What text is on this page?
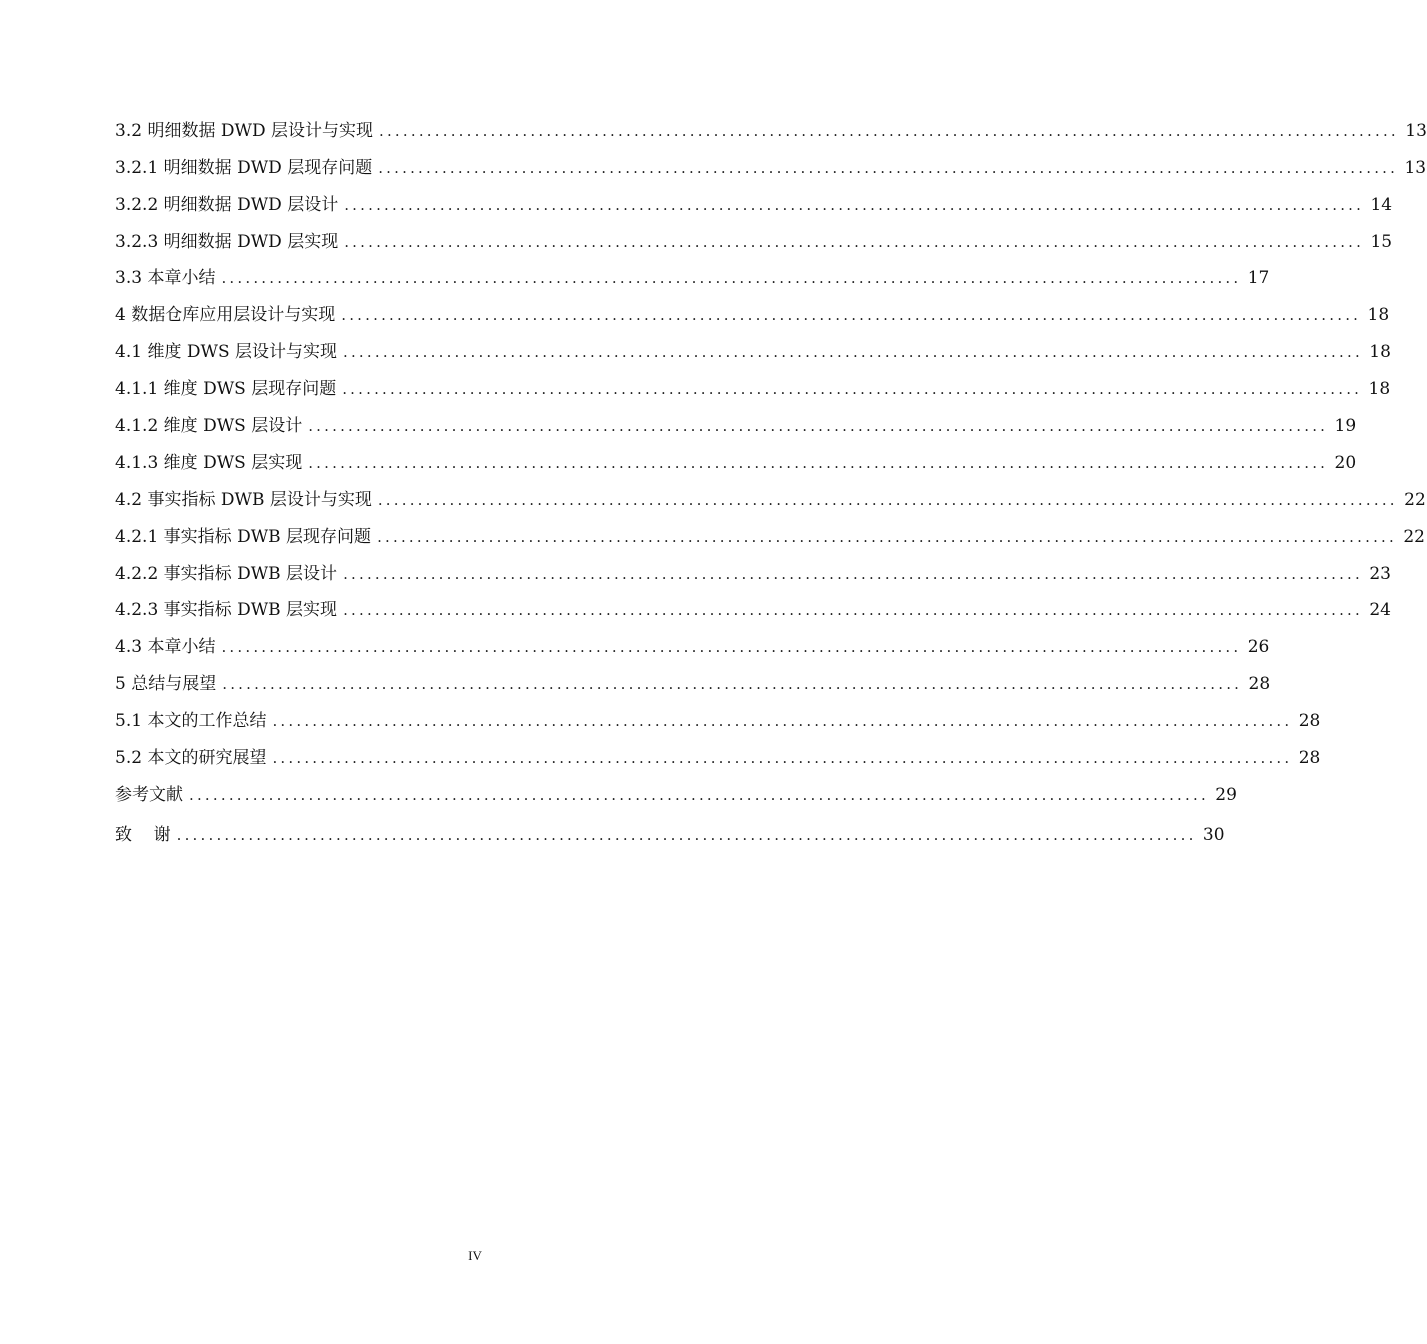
3.2 明细数据 DWD 层设计与实现 ................................................................................................................................ 13
3.2.1 明细数据 DWD 层现存问题 ................................................................................................................................ 13
3.2.2 明细数据 DWD 层设计 ................................................................................................................................ 14
3.2.3 明细数据 DWD 层实现 ................................................................................................................................ 15
3.3 本章小结 ................................................................................................................................ 17
4 数据仓库应用层设计与实现 ................................................................................................................................ 18
4.1 维度 DWS 层设计与实现 ................................................................................................................................ 18
4.1.1 维度 DWS 层现存问题 ................................................................................................................................ 18
4.1.2 维度 DWS 层设计 ................................................................................................................................ 19
4.1.3 维度 DWS 层实现 ................................................................................................................................ 20
4.2 事实指标 DWB 层设计与实现 ................................................................................................................................ 22
4.2.1 事实指标 DWB 层现存问题 ................................................................................................................................ 22
4.2.2 事实指标 DWB 层设计 ................................................................................................................................ 23
4.2.3 事实指标 DWB 层实现 ................................................................................................................................ 24
4.3 本章小结 ................................................................................................................................ 26
5 总结与展望 ................................................................................................................................ 28
5.1 本文的工作总结 ................................................................................................................................ 28
5.2 本文的研究展望 ................................................................................................................................ 28
参考文献 ................................................................................................................................ 29
致    谢 ................................................................................................................................ 30
IV
